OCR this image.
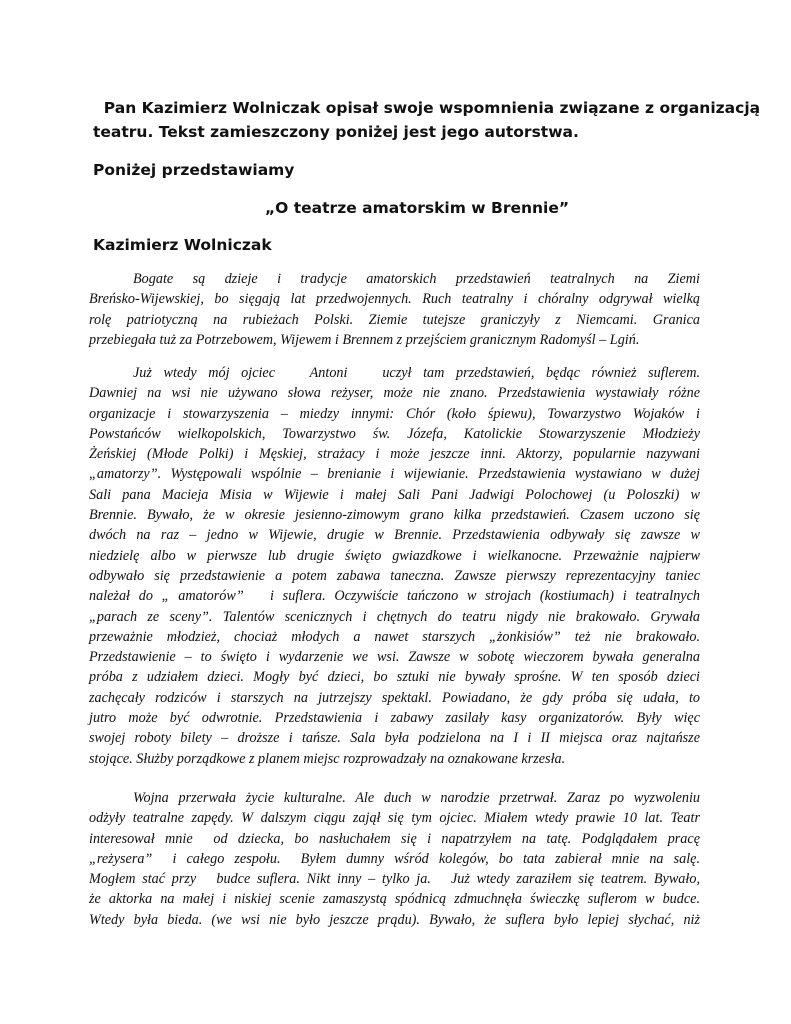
Pan Kazimierz Wolniczak opisał swoje wspomnienia związane z organizacją
teatru. Tekst zamieszczony poniżej jest jego autorstwa.
Poniżej przedstawiamy
„O teatrze amatorskim w Brennie”
Kazimierz Wolniczak
Bogate są dzieje i tradycje amatorskich przedstawień teatralnych na Ziemi
Breńsko-Wijewskiej, bo sięgają lat przedwojennych. Ruch teatralny i chóralny odgrywał wielką
rolę patriotyczną na rubieżach Polski. Ziemie tutejsze graniczyły z Niemcami. Granica
przebiegała tuż za Potrzebowem, Wijewem i Brennem z przejściem granicznym Radomyśl – Lgiń.
Już wtedy mój ojciec   Antoni   uczył tam przedstawień, będąc również suflerem.
Dawniej na wsi nie używano słowa reżyser, może nie znano. Przedstawienia wystawiały różne
organizacje i stowarzyszenia – miedzy innymi: Chór (koło śpiewu), Towarzystwo Wojaków i
Powstańców wielkopolskich, Towarzystwo św. Józefa, Katolickie Stowarzyszenie Młodzieży
Żeńskiej (Młode Polki) i Męskiej, strażacy i może jeszcze inni. Aktorzy, popularnie nazywani
„amatorzy”. Występowali wspólnie – brenianie i wijewianie. Przedstawienia wystawiano w dużej
Sali pana Macieja Misia w Wijewie i małej Sali Pani Jadwigi Polochowej (u Poloszki) w
Brennie. Bywało, że w okresie jesienno-zimowym grano kilka przedstawień. Czasem uczono się
dwóch na raz – jedno w Wijewie, drugie w Brennie. Przedstawienia odbywały się zawsze w
niedzielę albo w pierwsze lub drugie święto gwiazdkowe i wielkanocne. Przeważnie najpierw
odbywało się przedstawienie a potem zabawa taneczna. Zawsze pierwszy reprezentacyjny taniec
należał do „ amatorów”   i suflera. Oczywiście tańczono w strojach (kostiumach) i teatralnych
„parach ze sceny”. Talentów scenicznych i chętnych do teatru nigdy nie brakowało. Grywała
przeważnie młodzież, chociaż młodych a nawet starszych „żonkisiów” też nie brakowało.
Przedstawienie – to święto i wydarzenie we wsi. Zawsze w sobotę wieczorem bywała generalna
próba z udziałem dzieci. Mogły być dzieci, bo sztuki nie bywały sprośne. W ten sposób dzieci
zachęcały rodziców i starszych na jutrzejszy spektakl. Powiadano, że gdy próba się udała, to
jutro może być odwrotnie. Przedstawienia i zabawy zasilały kasy organizatorów. Były więc
swojej roboty bilety – droższe i tańsze. Sala była podzielona na I i II miejsca oraz najtańsze
stojące. Służby porządkowe z planem miejsc rozprowadzały na oznakowane krzesła.
Wojna przerwała życie kulturalne. Ale duch w narodzie przetrwał. Zaraz po wyzwoleniu
odżyły teatralne zapędy. W dalszym ciągu zajął się tym ojciec. Miałem wtedy prawie 10 lat. Teatr
interesował mnie  od dziecka, bo nasłuchałem się i napatrzyłem na tatę. Podglądałem pracę
„reżysera”  i całego zespołu.  Byłem dumny wśród kolegów, bo tata zabierał mnie na salę.
Mogłem stać przy   budce suflera. Nikt inny – tylko ja.   Już wtedy zaraziłem się teatrem. Bywało,
że aktorka na małej i niskiej scenie zamaszystą spódnicą zdmuchnęła świeczkę suflerom w budce.
Wtedy była bieda. (we wsi nie było jeszcze prądu). Bywało, że suflera było lepiej słychać, niż
